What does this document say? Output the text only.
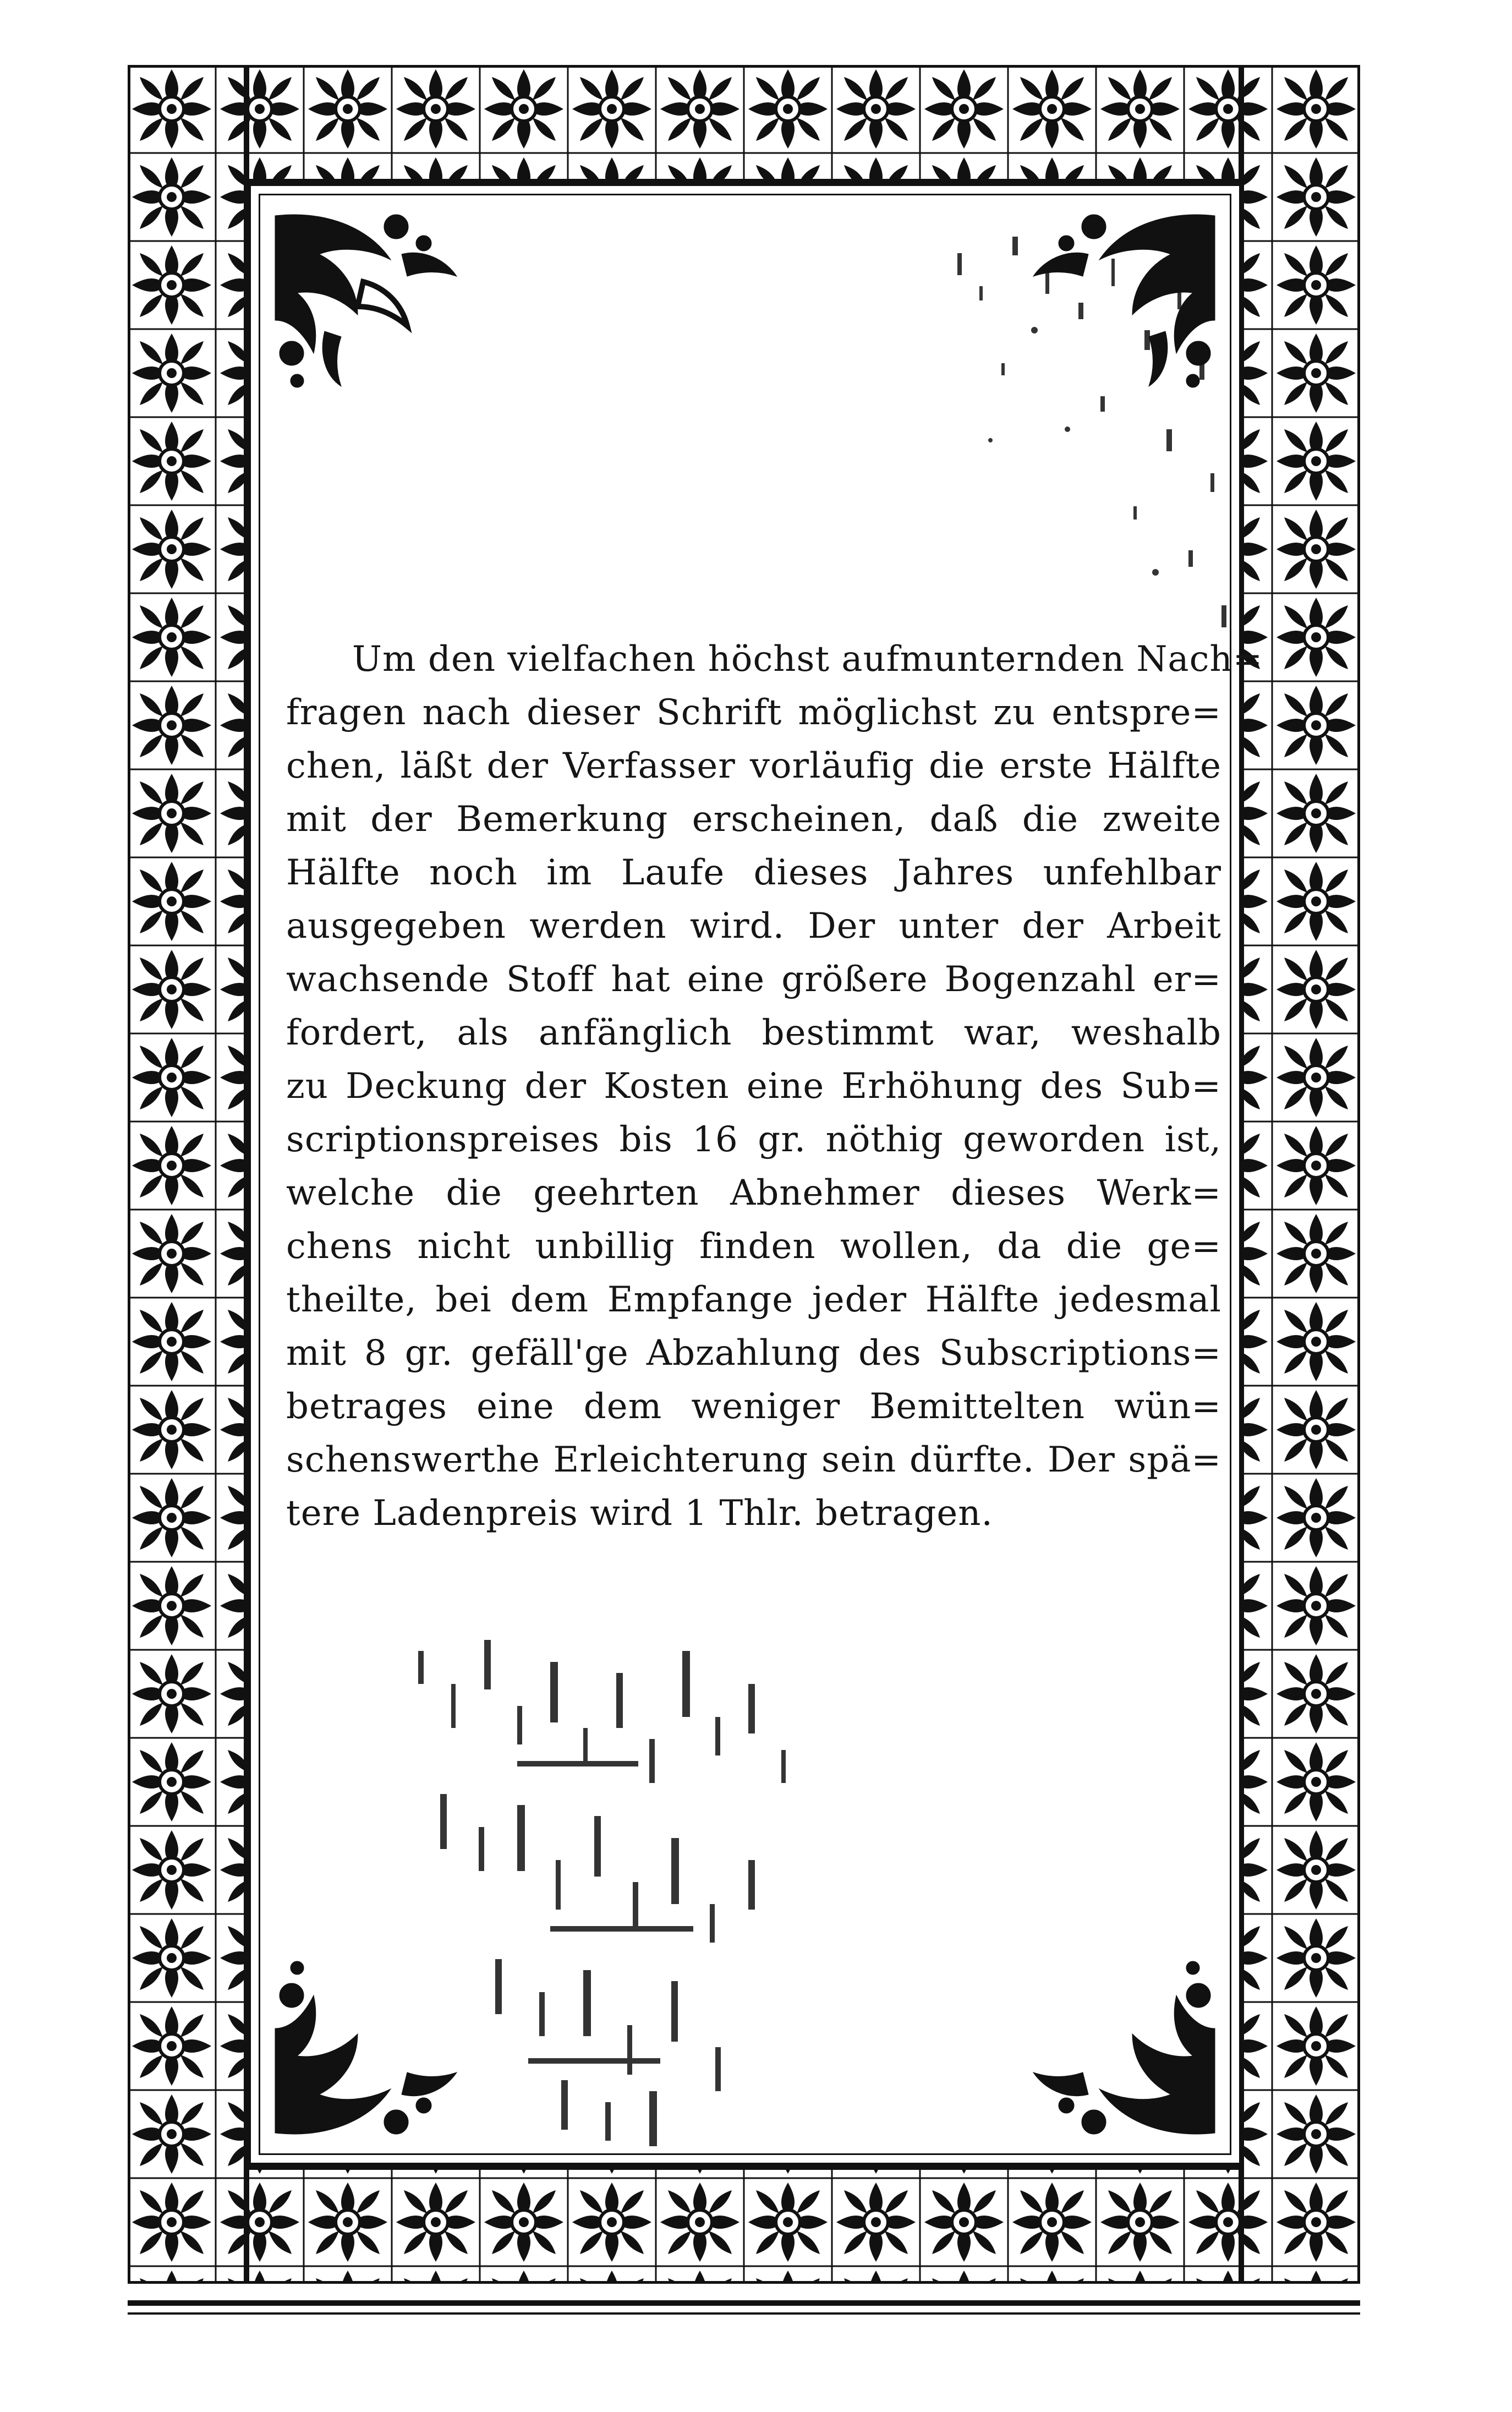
Um den vielfachen höchst aufmunternden Nach=
fragen nach dieser Schrift möglichst zu entspre=
chen, läßt der Verfasser vorläufig die erste Hälfte
mit der Bemerkung erscheinen, daß die zweite
Hälfte noch im Laufe dieses Jahres unfehlbar
ausgegeben werden wird. Der unter der Arbeit
wachsende Stoff hat eine größere Bogenzahl er=
fordert, als anfänglich bestimmt war, weshalb
zu Deckung der Kosten eine Erhöhung des Sub=
scriptionspreises bis 16 gr. nöthig geworden ist,
welche die geehrten Abnehmer dieses Werk=
chens nicht unbillig finden wollen, da die ge=
theilte, bei dem Empfange jeder Hälfte jedesmal
mit 8 gr. gefäll'ge Abzahlung des Subscriptions=
betrages eine dem weniger Bemittelten wün=
schenswerthe Erleichterung sein dürfte. Der spä=
tere Ladenpreis wird 1 Thlr. betragen.
